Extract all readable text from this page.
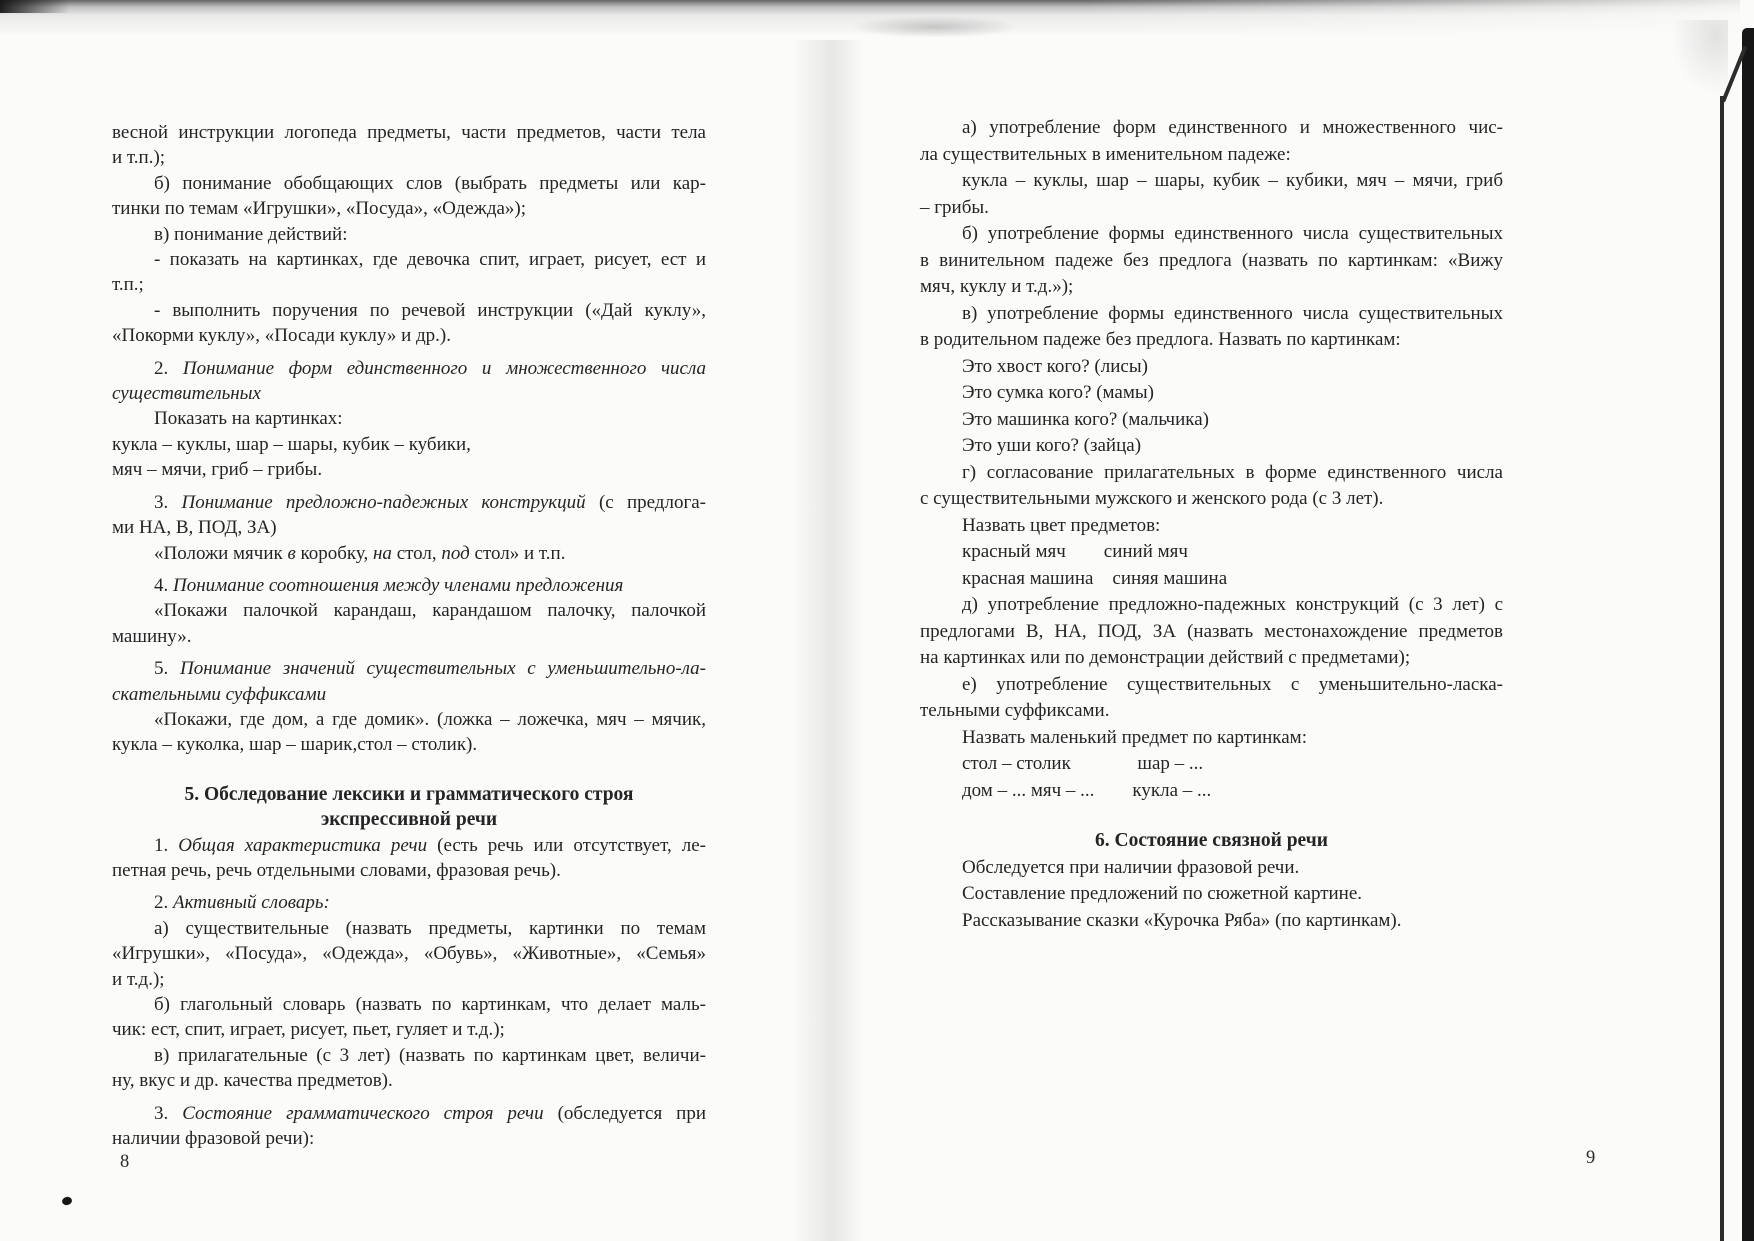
весной инструкции логопеда предметы, части предметов, части тела
и т.п.);
б) понимание обобщающих слов (выбрать предметы или кар-
тинки по темам «Игрушки», «Посуда», «Одежда»);
в) понимание действий:
- показать на картинках, где девочка спит, играет, рисует, ест и
т.п.;
- выполнить поручения по речевой инструкции («Дай куклу»,
«Покорми куклу», «Посади куклу» и др.).
2. Понимание форм единственного и множественного числа
существительных
Показать на картинках:
кукла – куклы, шар – шары, кубик – кубики,
мяч – мячи, гриб – грибы.
3. Понимание предложно-падежных конструкций (с предлога-
ми НА, В, ПОД, ЗА)
«Положи мячик в коробку, на стол, под стол» и т.п.
4. Понимание соотношения между членами предложения
«Покажи палочкой карандаш, карандашом палочку, палочкой
машину».
5. Понимание значений существительных с уменьшительно-ла-
скательными суффиксами
«Покажи, где дом, а где домик». (ложка – ложечка, мяч – мячик,
кукла – куколка, шар – шарик,стол – столик).
5. Обследование лексики и грамматического строя
экспрессивной речи
1. Общая характеристика речи (есть речь или отсутствует, ле-
петная речь, речь отдельными словами, фразовая речь).
2. Активный словарь:
а) существительные (назвать предметы, картинки по темам
«Игрушки», «Посуда», «Одежда», «Обувь», «Животные», «Семья»
и т.д.);
б) глагольный словарь (назвать по картинкам, что делает маль-
чик: ест, спит, играет, рисует, пьет, гуляет и т.д.);
в) прилагательные (с 3 лет) (назвать по картинкам цвет, величи-
ну, вкус и др. качества предметов).
3. Состояние грамматического строя речи (обследуется при
наличии фразовой речи):
а) употребление форм единственного и множественного чис-
ла существительных в именительном падеже:
кукла – куклы, шар – шары, кубик – кубики, мяч – мячи, гриб
– грибы.
б) употребление формы единственного числа существительных
в винительном падеже без предлога (назвать по картинкам: «Вижу
мяч, куклу и т.д.»);
в) употребление формы единственного числа существительных
в родительном падеже без предлога. Назвать по картинкам:
Это хвост кого? (лисы)
Это сумка кого? (мамы)
Это машинка кого? (мальчика)
Это уши кого? (зайца)
г) согласование прилагательных в форме единственного числа
с существительными мужского и женского рода (с 3 лет).
Назвать цвет предметов:
красный мяч        синий мяч
красная машина    синяя машина
д) употребление предложно-падежных конструкций (с 3 лет) с
предлогами В, НА, ПОД, ЗА (назвать местонахождение предметов
на картинках или по демонстрации действий с предметами);
е) употребление существительных с уменьшительно-ласка-
тельными суффиксами.
Назвать маленький предмет по картинкам:
стол – столик              шар – ...
дом – ... мяч – ...        кукла – ...
6. Состояние связной речи
Обследуется при наличии фразовой речи.
Составление предложений по сюжетной картине.
Рассказывание сказки «Курочка Ряба» (по картинкам).
8	9
